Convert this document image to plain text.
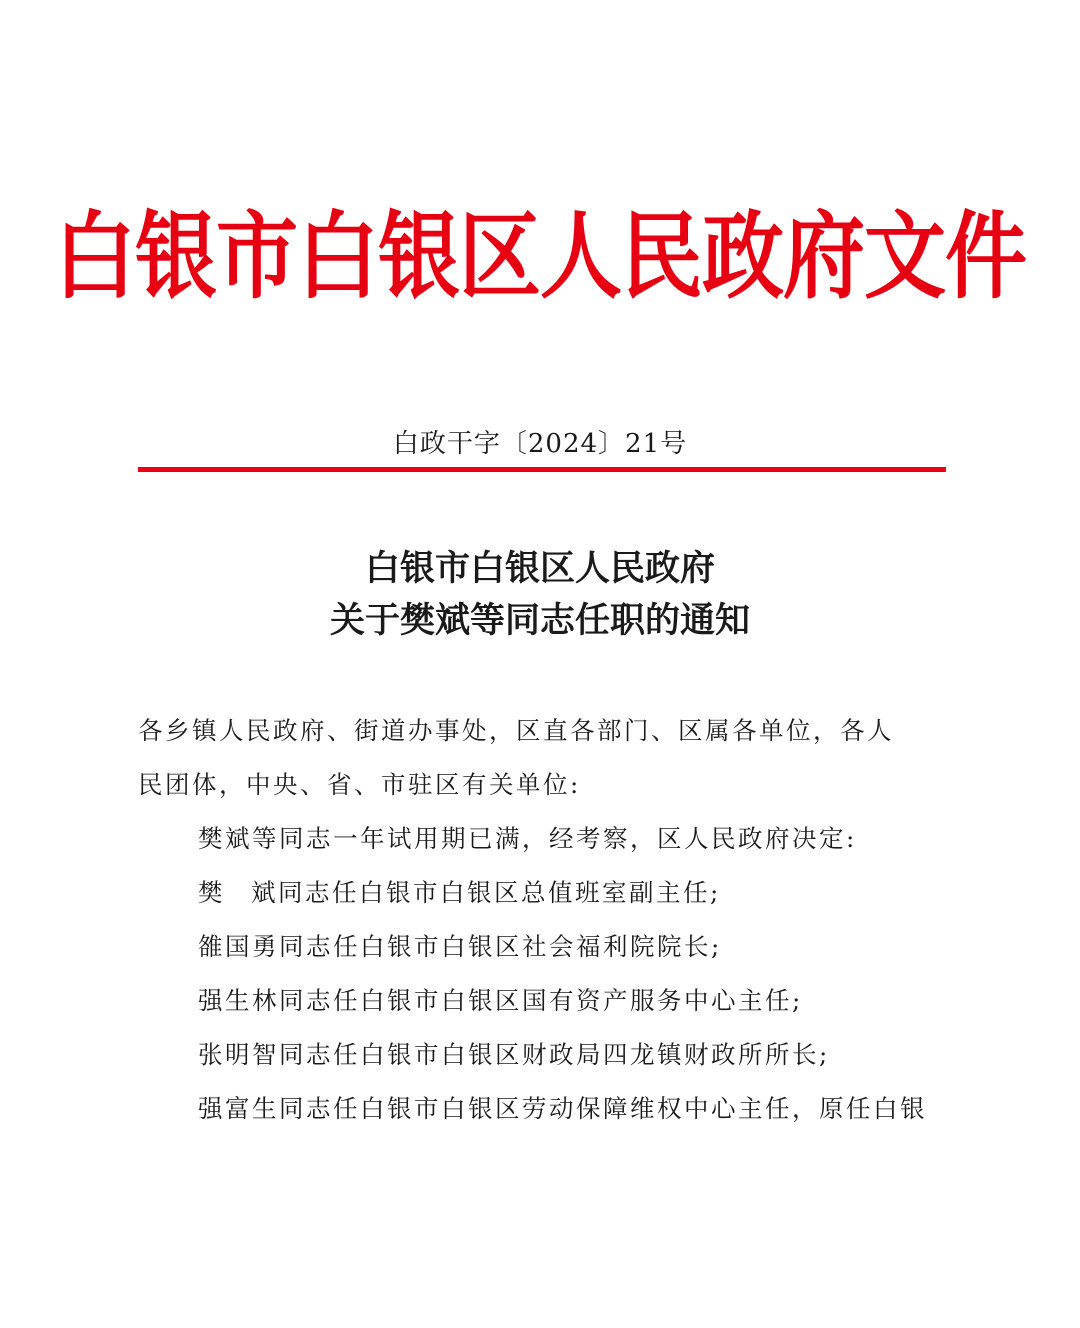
白银市白银区人民政府文件
白政干字〔2024〕21号
白银市白银区人民政府
关于樊斌等同志任职的通知
各乡镇人民政府、街道办事处，区直各部门、区属各单位，各人
民团体，中央、省、市驻区有关单位:
樊斌等同志一年试用期已满，经考察，区人民政府决定:
樊 斌同志任白银市白银区总值班室副主任;
雒国勇同志任白银市白银区社会福利院院长;
强生林同志任白银市白银区国有资产服务中心主任;
张明智同志任白银市白银区财政局四龙镇财政所所长;
强富生同志任白银市白银区劳动保障维权中心主任，原任白银
